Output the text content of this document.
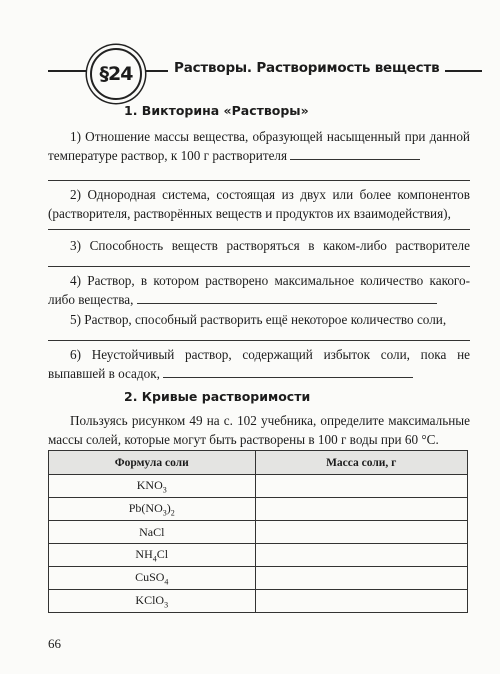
§24	Растворы. Растворимость веществ
1. Викторина «Растворы»
1) Отношение массы вещества, образующей насыщенный при данной температуре раствор, к 100 г растворителя
2) Однородная система, состоящая из двух или более компонентов (растворителя, растворённых веществ и продуктов их взаимодействия),
3) Способность веществ растворяться в каком-либо растворителе
4) Раствор, в котором растворено максимальное количество какого-либо вещества,
5) Раствор, способный растворить ещё некоторое количество соли,
6) Неустойчивый раствор, содержащий избыток соли, пока не выпавшей в осадок,
2. Кривые растворимости
Пользуясь рисунком 49 на с. 102 учебника, определите максимальные массы солей, которые могут быть растворены в 100 г воды при 60 °С.
Формула соли	Масса соли, г
$KNO_3$	
$Pb(NO_3)_2$	
NaCl	
$NH_4Cl$	
CuSO$_4$	
KClO$_3$	
66
